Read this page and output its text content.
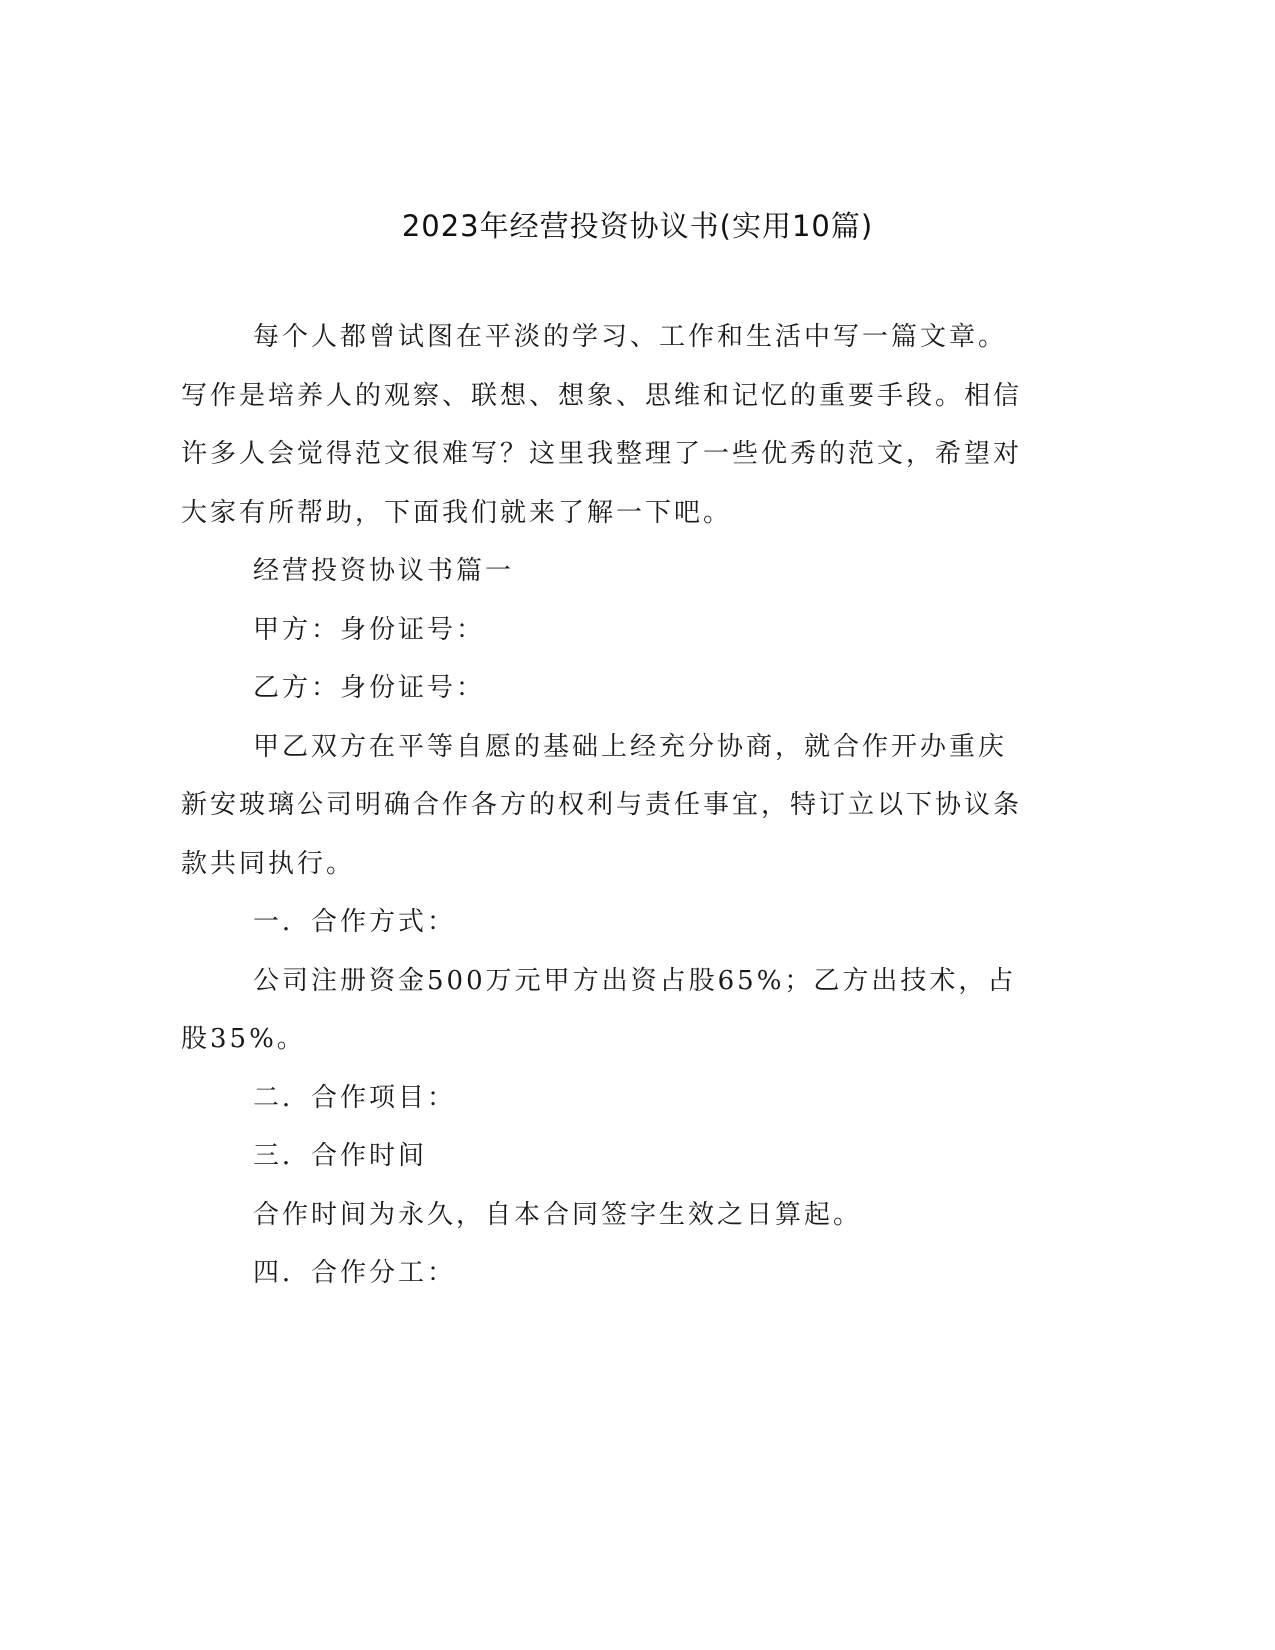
2023年经营投资协议书(实用10篇)

每个人都曾试图在平淡的学习、工作和生活中写一篇文章。写作是培养人的观察、联想、想象、思维和记忆的重要手段。相信许多人会觉得范文很难写？这里我整理了一些优秀的范文，希望对大家有所帮助，下面我们就来了解一下吧。

经营投资协议书篇一

甲方：身份证号：

乙方：身份证号：

甲乙双方在平等自愿的基础上经充分协商，就合作开办重庆新安玻璃公司明确合作各方的权利与责任事宜，特订立以下协议条款共同执行。

一．合作方式：

公司注册资金500万元甲方出资占股65%；乙方出技术，占股35%。

二．合作项目：

三．合作时间

合作时间为永久，自本合同签字生效之日算起。

四．合作分工：
